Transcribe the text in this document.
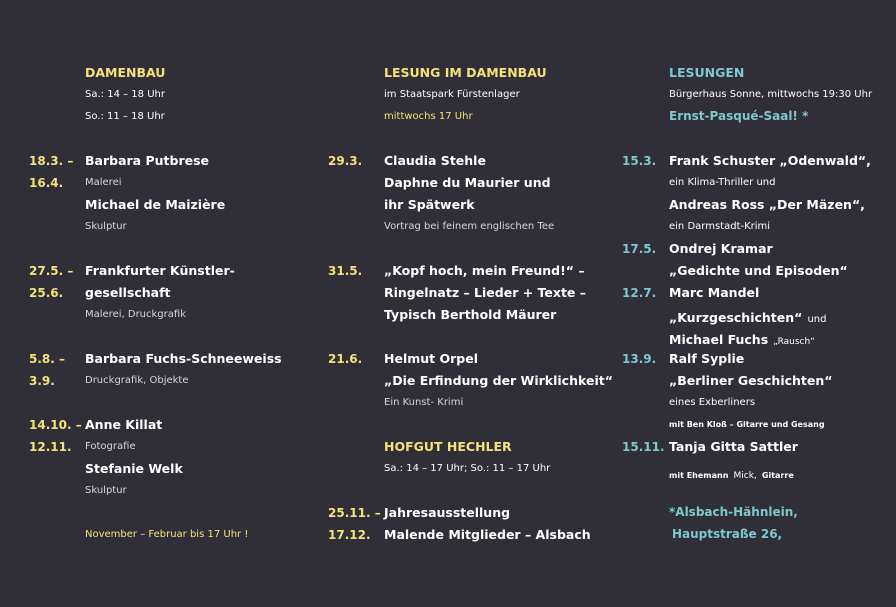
DAMENBAU
Sa.: 14 – 18 Uhr
So.: 11 – 18 Uhr
18.3. –
16.4.
Barbara Putbrese
Malerei
Michael de Maizière
Skulptur
27.5. –
25.6.
Frankfurter Künstler-
gesellschaft
Malerei, Druckgrafik
5.8. –
3.9.
Barbara Fuchs-Schneeweiss
Druckgrafik, Objekte
14.10. –
12.11.
Anne Killat
Fotografie
Stefanie Welk
Skulptur
November – Februar bis 17 Uhr !
LESUNG IM DAMENBAU
im Staatspark Fürstenlager
mittwochs 17 Uhr
29.3. Claudia Stehle
Daphne du Maurier und
ihr Spätwerk
Vortrag bei feinem englischen Tee
31.5. „Kopf hoch, mein Freund!“ –
Ringelnatz – Lieder + Texte –
Typisch Berthold Mäurer
21.6. Helmut Orpel
„Die Erfindung der Wirklichkeit“
Ein Kunst- Krimi
HOFGUT HECHLER
Sa.: 14 – 17 Uhr; So.: 11 – 17 Uhr
25.11. –
17.12.
Jahresausstellung
Malende Mitglieder – Alsbach
LESUNGEN
Bürgerhaus Sonne, mittwochs 19:30 Uhr
Ernst-Pasqué-Saal! *
15.3. Frank Schuster „Odenwald“,
ein Klima-Thriller und
Andreas Ross „Der Mäzen“,
ein Darmstadt-Krimi
17.5. Ondrej Kramar
„Gedichte und Episoden“
12.7. Marc Mandel
„Kurzgeschichten“ und
Michael Fuchs „Rausch“
13.9. Ralf Syplie
„Berliner Geschichten“
eines Exberliners
mit Ben Kloß – Gitarre und Gesang
15.11. Tanja Gitta Sattler
mit Ehemann Mick, Gitarre
*Alsbach-Hähnlein,
Hauptstraße 26,
